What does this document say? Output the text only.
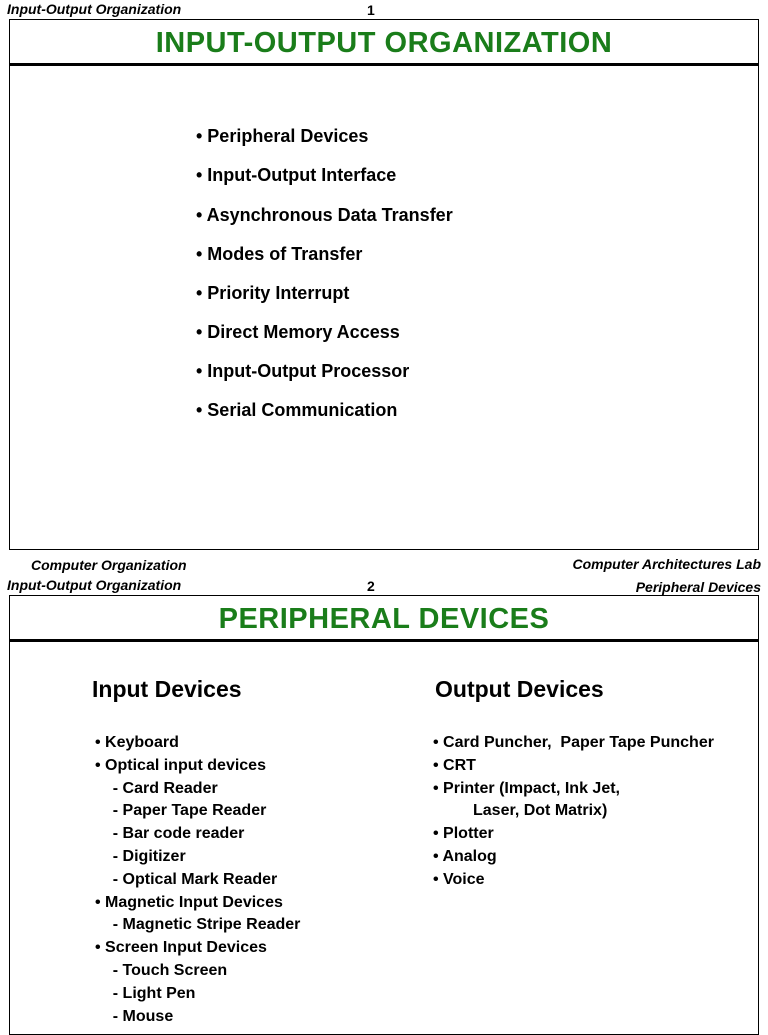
Input-Output Organization	1
INPUT-OUTPUT ORGANIZATION
• Peripheral Devices
• Input-Output Interface
• Asynchronous Data Transfer
• Modes of Transfer
• Priority Interrupt
• Direct Memory Access
• Input-Output Processor
• Serial Communication
Computer Organization	Computer Architectures Lab
Input-Output Organization	2	Peripheral Devices
PERIPHERAL DEVICES
Input Devices	Output Devices
• Keyboard
• Optical input devices
- Card Reader
- Paper Tape Reader
- Bar code reader
- Digitizer
- Optical Mark Reader
• Magnetic Input Devices
- Magnetic Stripe Reader
• Screen Input Devices
- Touch Screen
- Light Pen
- Mouse
• Card Puncher,  Paper Tape Puncher
• CRT
• Printer (Impact, Ink Jet,
Laser, Dot Matrix)
• Plotter
• Analog
• Voice
